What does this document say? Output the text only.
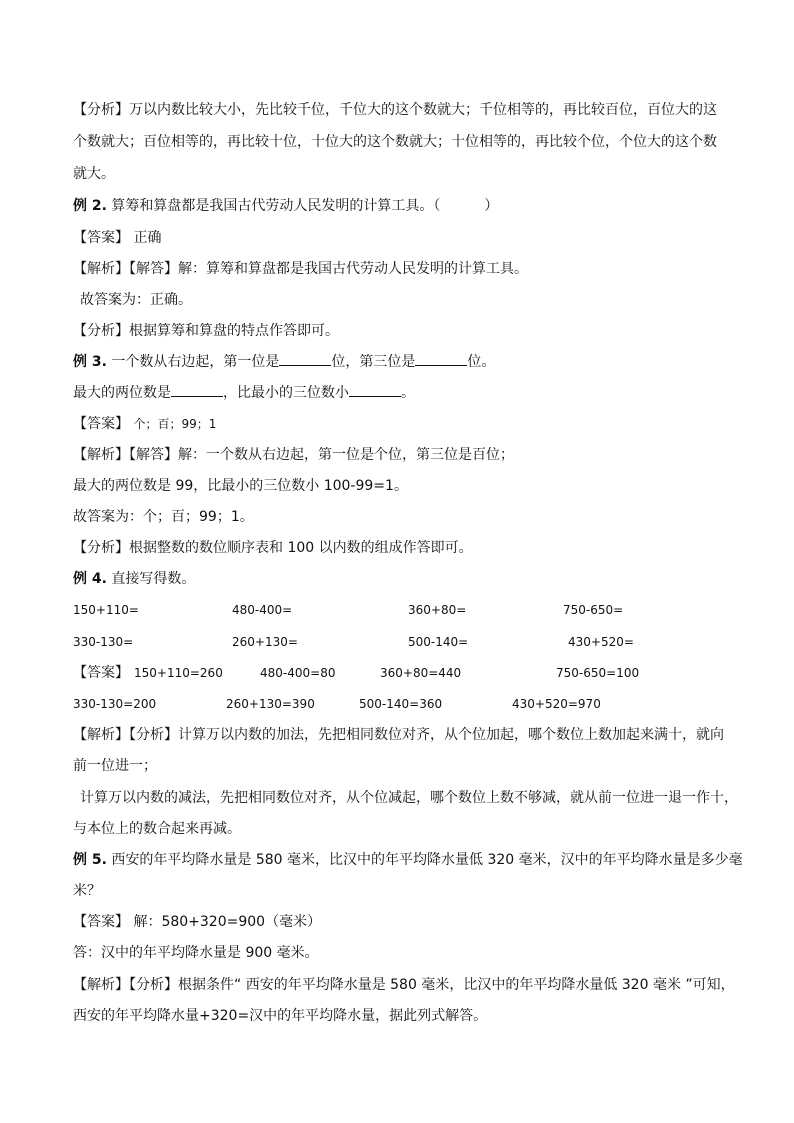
【分析】万以内数比较大小，先比较千位，千位大的这个数就大；千位相等的，再比较百位，百位大的这
个数就大；百位相等的，再比较十位，十位大的这个数就大；十位相等的，再比较个位，个位大的这个数
就大。
例 2. 算筹和算盘都是我国古代劳动人民发明的计算工具。（	）
【答案】 正确
【解析】【解答】解：算筹和算盘都是我国古代劳动人民发明的计算工具。
故答案为：正确。
【分析】根据算筹和算盘的特点作答即可。
例 3. 一个数从右边起，第一位是	位，第三位是	位。
最大的两位数是	，比最小的三位数小	。
【答案】 个；百；99；1
【解析】【解答】解：一个数从右边起，第一位是个位，第三位是百位；
最大的两位数是 99，比最小的三位数小 100-99=1。
故答案为：个；百；99；1。
【分析】根据整数的数位顺序表和 100 以内数的组成作答即可。
例 4. 直接写得数。
150+110=	480-400=	360+80=	750-650=
330-130=	260+130=	500-140=	430+520=
【答案】 150+110=260	480-400=80	360+80=440	750-650=100
330-130=200	260+130=390	500-140=360	430+520=970
【解析】【分析】计算万以内数的加法，先把相同数位对齐，从个位加起，哪个数位上数加起来满十，就向
前一位进一；
计算万以内数的减法，先把相同数位对齐，从个位减起，哪个数位上数不够减，就从前一位进一退一作十，
与本位上的数合起来再减。
例 5. 西安的年平均降水量是 580 毫米，比汉中的年平均降水量低 320 毫米，汉中的年平均降水量是多少毫
米？
【答案】 解：580+320=900（毫米）
答：汉中的年平均降水量是 900 毫米。
【解析】【分析】根据条件“ 西安的年平均降水量是 580 毫米，比汉中的年平均降水量低 320 毫米 ”可知，
西安的年平均降水量+320=汉中的年平均降水量，据此列式解答。
